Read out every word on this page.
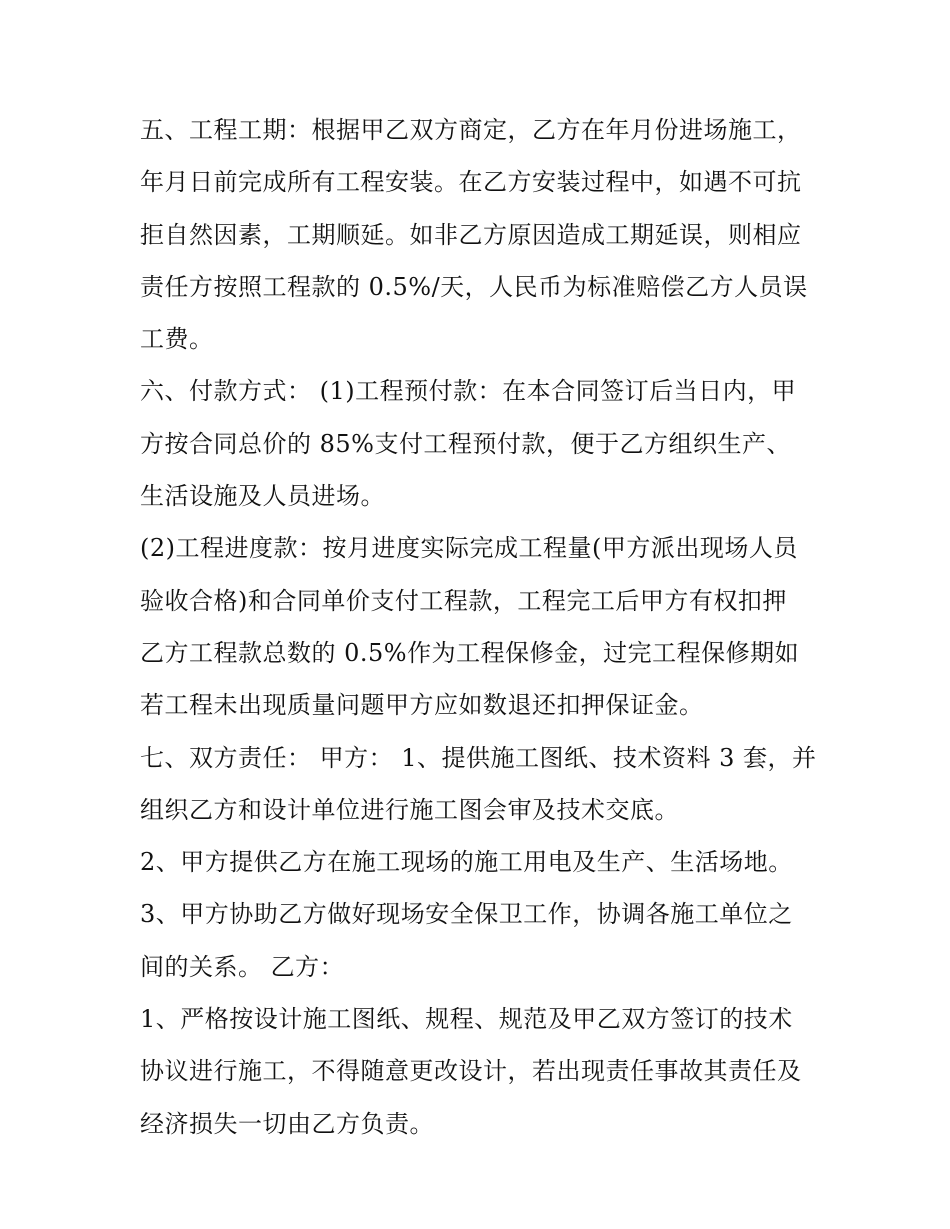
五、工程工期：根据甲乙双方商定，乙方在年月份进场施工，
年月日前完成所有工程安装。在乙方安装过程中，如遇不可抗
拒自然因素，工期顺延。如非乙方原因造成工期延误，则相应
责任方按照工程款的 0.5%/天，人民币为标准赔偿乙方人员误
工费。
六、付款方式： (1)工程预付款：在本合同签订后当日内，甲
方按合同总价的 85%支付工程预付款，便于乙方组织生产、
生活设施及人员进场。
(2)工程进度款：按月进度实际完成工程量(甲方派出现场人员
验收合格)和合同单价支付工程款，工程完工后甲方有权扣押
乙方工程款总数的 0.5%作为工程保修金，过完工程保修期如
若工程未出现质量问题甲方应如数退还扣押保证金。
七、双方责任： 甲方： 1、提供施工图纸、技术资料 3 套，并
组织乙方和设计单位进行施工图会审及技术交底。
2、甲方提供乙方在施工现场的施工用电及生产、生活场地。
3、甲方协助乙方做好现场安全保卫工作，协调各施工单位之
间的关系。 乙方：
1、严格按设计施工图纸、规程、规范及甲乙双方签订的技术
协议进行施工，不得随意更改设计，若出现责任事故其责任及
经济损失一切由乙方负责。
